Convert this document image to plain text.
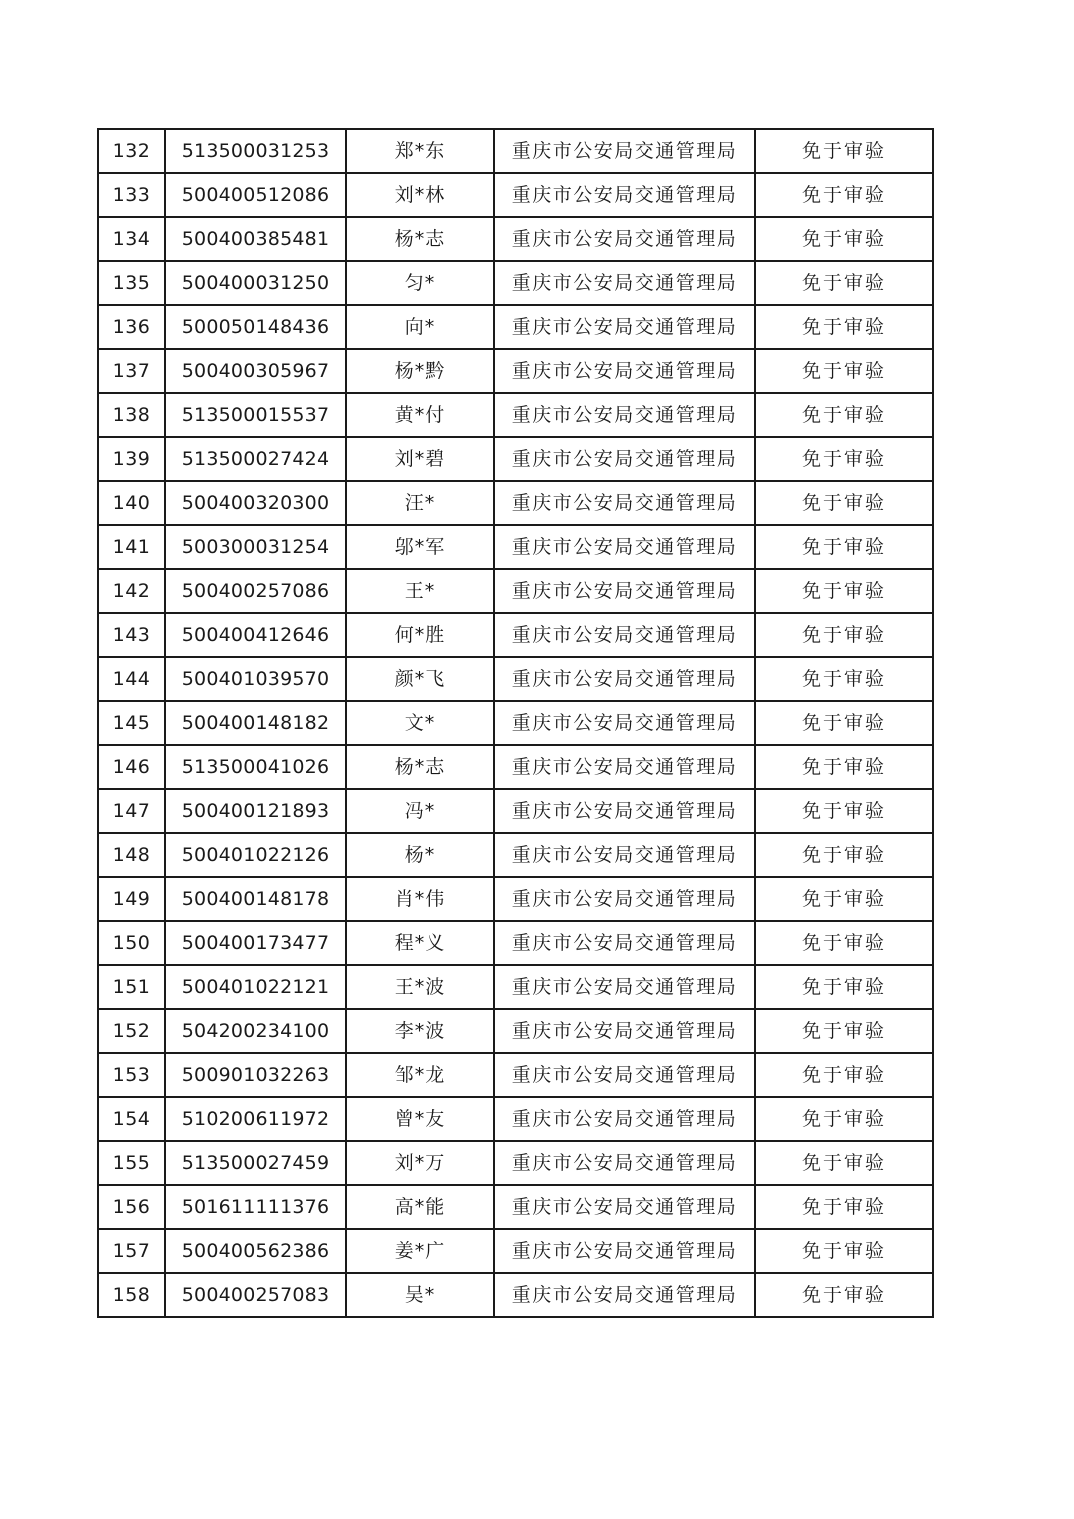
132	513500031253	郑*东	重庆市公安局交通管理局	免于审验
133	500400512086	刘*林	重庆市公安局交通管理局	免于审验
134	500400385481	杨*志	重庆市公安局交通管理局	免于审验
135	500400031250	匀*	重庆市公安局交通管理局	免于审验
136	500050148436	向*	重庆市公安局交通管理局	免于审验
137	500400305967	杨*黔	重庆市公安局交通管理局	免于审验
138	513500015537	黄*付	重庆市公安局交通管理局	免于审验
139	513500027424	刘*碧	重庆市公安局交通管理局	免于审验
140	500400320300	汪*	重庆市公安局交通管理局	免于审验
141	500300031254	邬*军	重庆市公安局交通管理局	免于审验
142	500400257086	王*	重庆市公安局交通管理局	免于审验
143	500400412646	何*胜	重庆市公安局交通管理局	免于审验
144	500401039570	颜*飞	重庆市公安局交通管理局	免于审验
145	500400148182	文*	重庆市公安局交通管理局	免于审验
146	513500041026	杨*志	重庆市公安局交通管理局	免于审验
147	500400121893	冯*	重庆市公安局交通管理局	免于审验
148	500401022126	杨*	重庆市公安局交通管理局	免于审验
149	500400148178	肖*伟	重庆市公安局交通管理局	免于审验
150	500400173477	程*义	重庆市公安局交通管理局	免于审验
151	500401022121	王*波	重庆市公安局交通管理局	免于审验
152	504200234100	李*波	重庆市公安局交通管理局	免于审验
153	500901032263	邹*龙	重庆市公安局交通管理局	免于审验
154	510200611972	曾*友	重庆市公安局交通管理局	免于审验
155	513500027459	刘*万	重庆市公安局交通管理局	免于审验
156	501611111376	高*能	重庆市公安局交通管理局	免于审验
157	500400562386	姜*广	重庆市公安局交通管理局	免于审验
158	500400257083	吴*	重庆市公安局交通管理局	免于审验
